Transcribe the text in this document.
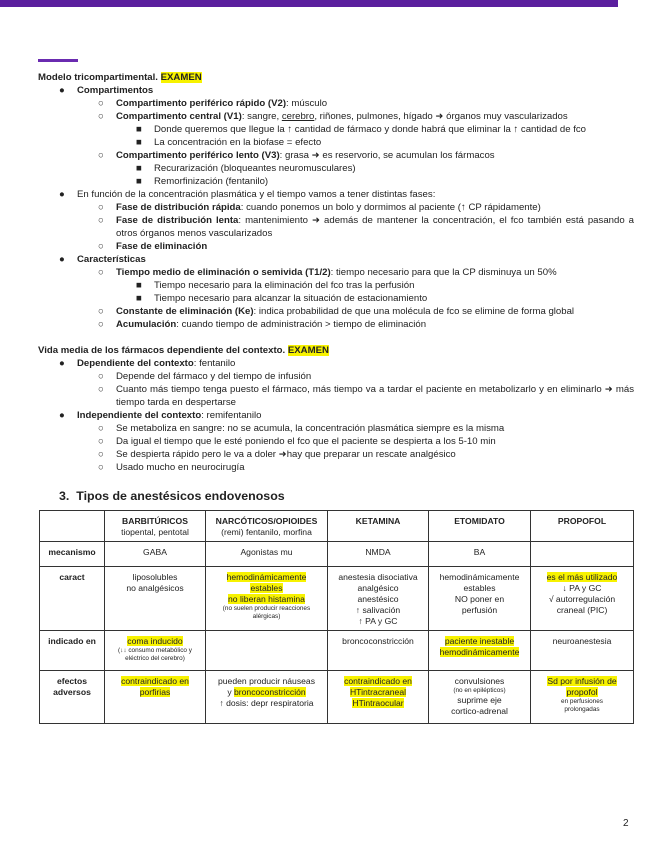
Modelo tricompartimental. EXAMEN

● Compartimentos

○ Compartimento periférico rápido (V2): músculo

○ Compartimento central (V1): sangre, cerebro, riñones, pulmones, hígado ➜ órganos muy vascularizados

■ Donde queremos que llegue la ↑ cantidad de fármaco y donde habrá que eliminar la ↑ cantidad de fco

■ La concentración en la biofase = efecto

○ Compartimento periférico lento (V3): grasa ➜ es reservorio, se acumulan los fármacos

■ Recurarización (bloqueantes neuromusculares)

■ Remorfinización (fentanilo)

● En función de la concentración plasmática y el tiempo vamos a tener distintas fases:

○ Fase de distribución rápida: cuando ponemos un bolo y dormimos al paciente (↑ CP rápidamente)

○ Fase de distribución lenta: mantenimiento ➜ además de mantener la concentración, el fco también está pasando a otros órganos menos vascularizados

○ Fase de eliminación

● Características

○ Tiempo medio de eliminación o semivida (T1/2): tiempo necesario para que la CP disminuya un 50%

■ Tiempo necesario para la eliminación del fco tras la perfusión

■ Tiempo necesario para alcanzar la situación de estacionamiento

○ Constante de eliminación (Ke): indica probabilidad de que una molécula de fco se elimine de forma global

○ Acumulación: cuando tiempo de administración > tiempo de eliminación

Vida media de los fármacos dependiente del contexto. EXAMEN

● Dependiente del contexto: fentanilo

○ Depende del fármaco y del tiempo de infusión

○ Cuanto más tiempo tenga puesto el fármaco, más tiempo va a tardar el paciente en metabolizarlo y en eliminarlo ➜ más tiempo tarda en despertarse

● Independiente del contexto: remifentanilo

○ Se metaboliza en sangre: no se acumula, la concentración plasmática siempre es la misma

○ Da igual el tiempo que le esté poniendo el fco que el paciente se despierta a los 5-10 min

○ Se despierta rápido pero le va a doler ➜hay que preparar un rescate analgésico

○ Usado mucho en neurocirugía

3. Tipos de anestésicos endovenosos

	BARBITÚRICOS
tiopental, pentotal	NARCÓTICOS/OPIOIDES
(remi) fentanilo, morfina	KETAMINA	ETOMIDATO	PROPOFOL

mecanismo	GABA	Agonistas mu	NMDA	BA	
caract	liposolubles
no analgésicos	hemodinámicamente
estables
no liberan histamina
(no suelen producir reacciones alérgicas)	anestesia disociativa
analgésico
anestésico
↑ salivación
↑ PA y GC	hemodinámicamente
estables
NO poner en
perfusión	es el más utilizado
↓ PA y GC
√ autorregulación
craneal (PIC)
indicado en	coma inducido
(↓↓ consumo metabólico y eléctrico del cerebro)		broncoconstricción	paciente inestable
hemodinámicamente	neuroanestesia
efectos
adversos	contraindicado en
porfirias	pueden producir náuseas
y broncoconstricción
↑ dosis: depr respiratoria	contraindicado en
HTintracraneal
HTintraocular	convulsiones
(no en epilépticos)
suprime eje
cortico-adrenal	Sd por infusión de
propofol
en perfusiones
prolongadas
2
